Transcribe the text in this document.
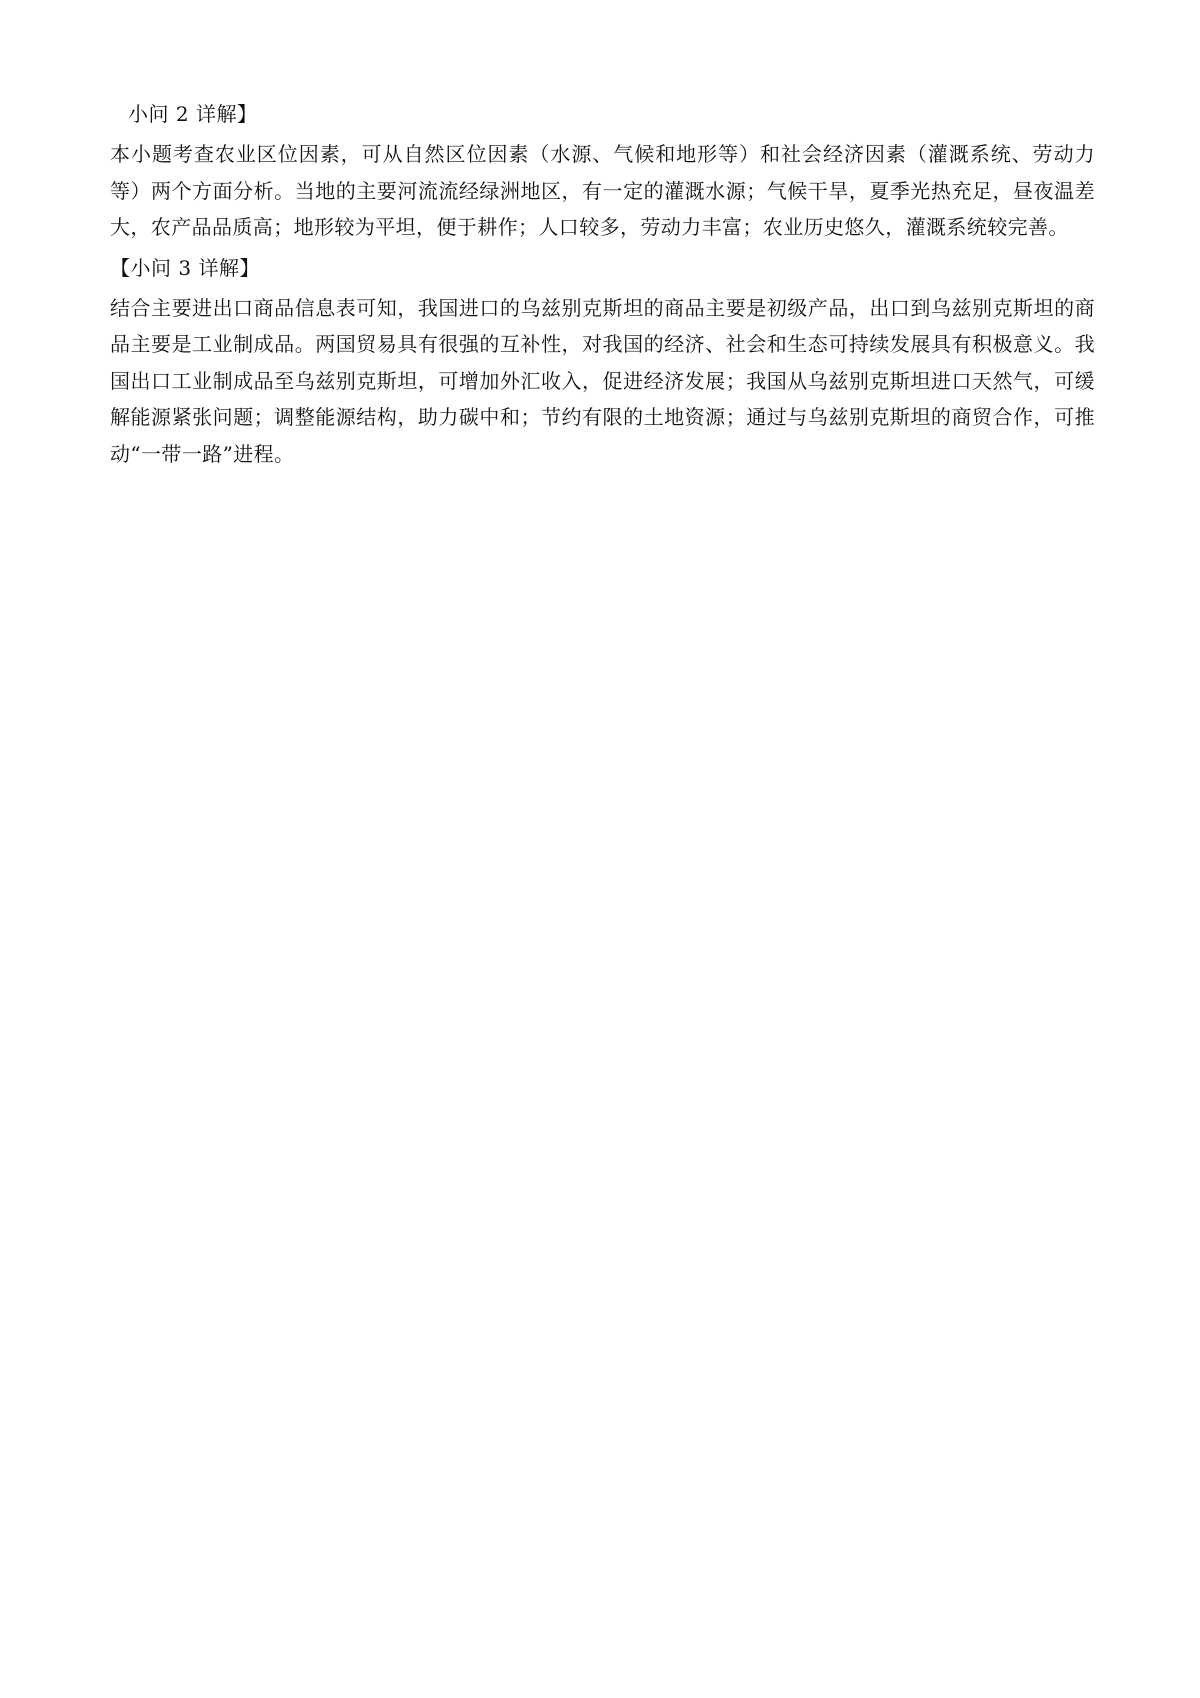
小问 2 详解】

本小题考查农业区位因素，可从自然区位因素（水源、气候和地形等）和社会经济因素（灌溉系统、劳动力等）两个方面分析。当地的主要河流流经绿洲地区，有一定的灌溉水源；气候干旱，夏季光热充足，昼夜温差大，农产品品质高；地形较为平坦，便于耕作；人口较多，劳动力丰富；农业历史悠久，灌溉系统较完善。

【小问 3 详解】

结合主要进出口商品信息表可知，我国进口的乌兹别克斯坦的商品主要是初级产品，出口到乌兹别克斯坦的商品主要是工业制成品。两国贸易具有很强的互补性，对我国的经济、社会和生态可持续发展具有积极意义。我国出口工业制成品至乌兹别克斯坦，可增加外汇收入，促进经济发展；我国从乌兹别克斯坦进口天然气，可缓解能源紧张问题；调整能源结构，助力碳中和；节约有限的土地资源；通过与乌兹别克斯坦的商贸合作，可推动“一带一路”进程。
